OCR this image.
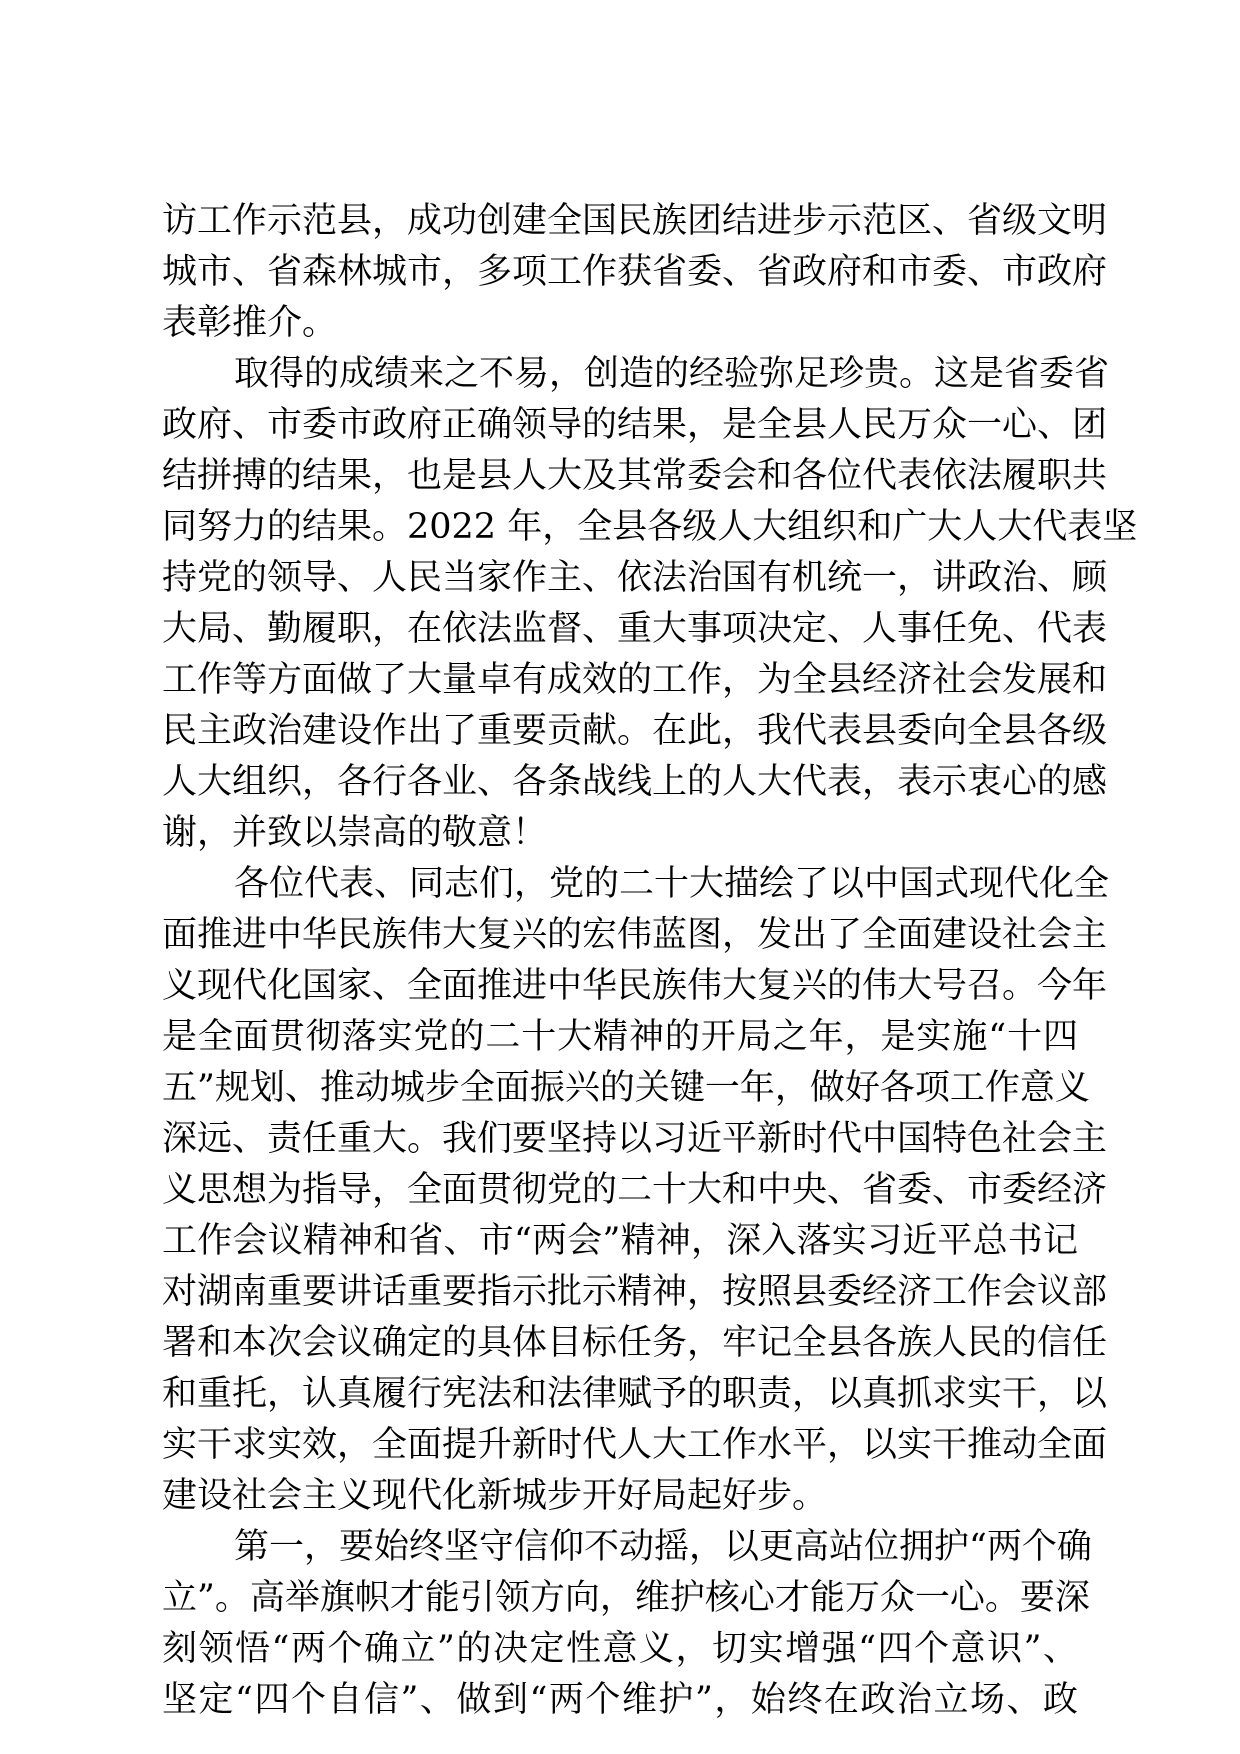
访工作示范县，成功创建全国民族团结进步示范区、省级文明
城市、省森林城市，多项工作获省委、省政府和市委、市政府
表彰推介。
取得的成绩来之不易，创造的经验弥足珍贵。这是省委省
政府、市委市政府正确领导的结果，是全县人民万众一心、团
结拼搏的结果，也是县人大及其常委会和各位代表依法履职共
同努力的结果。2022 年，全县各级人大组织和广大人大代表坚
持党的领导、人民当家作主、依法治国有机统一，讲政治、顾
大局、勤履职，在依法监督、重大事项决定、人事任免、代表
工作等方面做了大量卓有成效的工作，为全县经济社会发展和
民主政治建设作出了重要贡献。在此，我代表县委向全县各级
人大组织，各行各业、各条战线上的人大代表，表示衷心的感
谢，并致以崇高的敬意！
各位代表、同志们，党的二十大描绘了以中国式现代化全
面推进中华民族伟大复兴的宏伟蓝图，发出了全面建设社会主
义现代化国家、全面推进中华民族伟大复兴的伟大号召。今年
是全面贯彻落实党的二十大精神的开局之年，是实施“十四
五”规划、推动城步全面振兴的关键一年，做好各项工作意义
深远、责任重大。我们要坚持以习近平新时代中国特色社会主
义思想为指导，全面贯彻党的二十大和中央、省委、市委经济
工作会议精神和省、市“两会”精神，深入落实习近平总书记
对湖南重要讲话重要指示批示精神，按照县委经济工作会议部
署和本次会议确定的具体目标任务，牢记全县各族人民的信任
和重托，认真履行宪法和法律赋予的职责，以真抓求实干，以
实干求实效，全面提升新时代人大工作水平，以实干推动全面
建设社会主义现代化新城步开好局起好步。
第一，要始终坚守信仰不动摇，以更高站位拥护“两个确
立”。高举旗帜才能引领方向，维护核心才能万众一心。要深
刻领悟“两个确立”的决定性意义，切实增强“四个意识”、
坚定“四个自信”、做到“两个维护”，始终在政治立场、政
